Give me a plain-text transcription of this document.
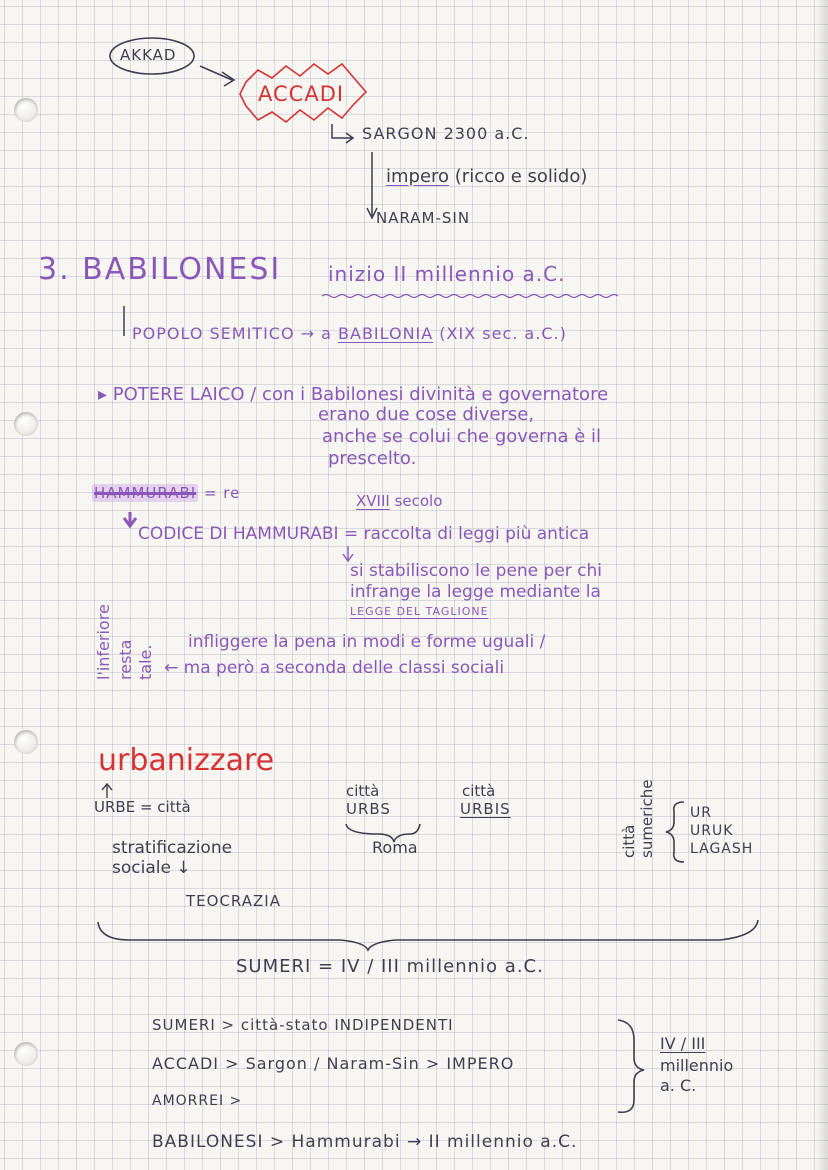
AKKAD
ACCADI
SARGON 2300 a.C.
impero (ricco e solido)
NARAM-SIN
3. BABILONESI inizio II millennio a.C.
POPOLO SEMITICO → a BABILONIA (XIX sec. a.C.)
▸ POTERE LAICO / con i Babilonesi divinità e governatore
erano due cose diverse,
anche se colui che governa è il
prescelto.
HAMMURABI = re	XVIII secolo
CODICE DI HAMMURABI = raccolta di leggi più antica
si stabiliscono le pene per chi
infrange la legge mediante la
LEGGE DEL TAGLIONE
l'inferiore resta tale.
infliggere la pena in modi e forme uguali /
← ma però a seconda delle classi sociali
urbanizzare
URBE = città
città
URBS
Roma
città
URBIS
stratificazione
sociale ↓
TEOCRAZIA
città sumeriche UR
URUK
LAGASH
SUMERI = IV / III millennio a.C.
SUMERI > città-stato INDIPENDENTI
ACCADI > Sargon / Naram-Sin > IMPERO
AMORREI >
IV / III
millennio
a. C.
BABILONESI > Hammurabi → II millennio a.C.
